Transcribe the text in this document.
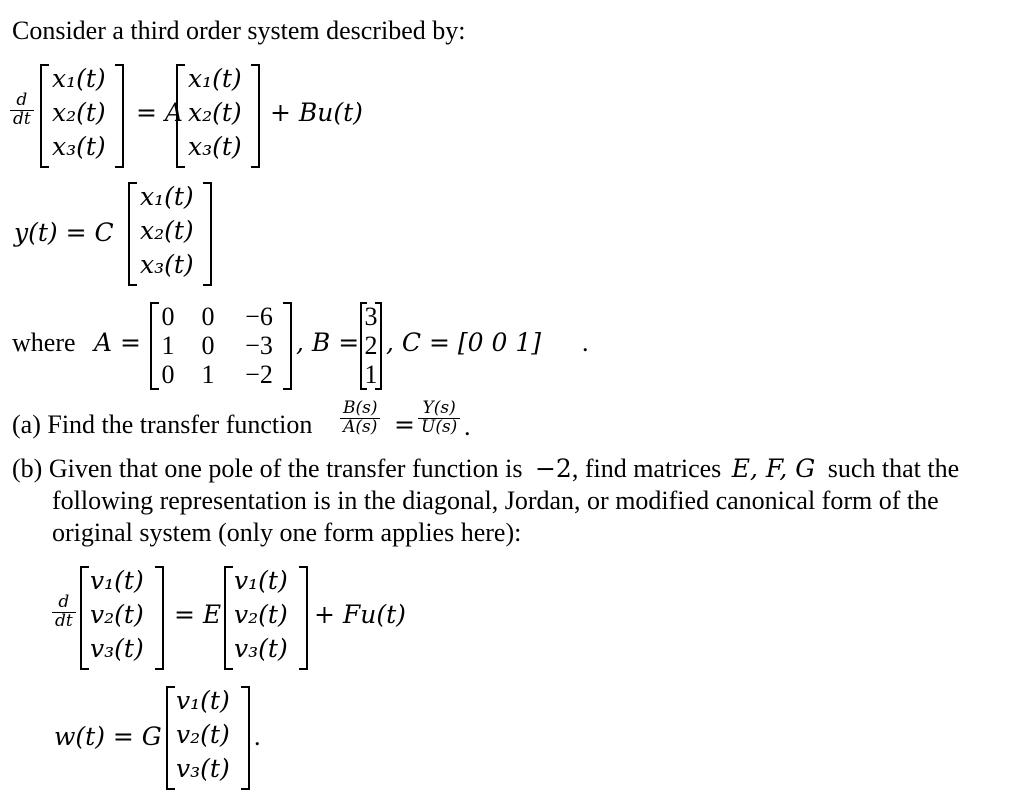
Consider a third order system described by:
$\frac{d}{dt}$
x₁(t)
x₂(t)
x₃(t)
= A
x₁(t)
x₂(t)
x₃(t)
+ Bu(t)
y(t) = C
x₁(t)
x₂(t)
x₃(t)
where A =
0 0	−6
1 0	−3
0 1	−2
, B =
3
2
1
, C = [0 0 1] .
(a) Find the transfer function $\frac{B(s)}{A(s)} = \frac{Y(s)}{U(s)}$ .
(b) Given that one pole of the transfer function is −2, find matrices E, F, G such that the
following representation is in the diagonal, Jordan, or modified canonical form of the
original system (only one form applies here):
$\frac{d}{dt}$
v₁(t)
v₂(t)
v₃(t)
= E
v₁(t)
v₂(t)
v₃(t)
+ Fu(t)
w(t) = G
v₁(t)
v₂(t)
v₃(t)
.
